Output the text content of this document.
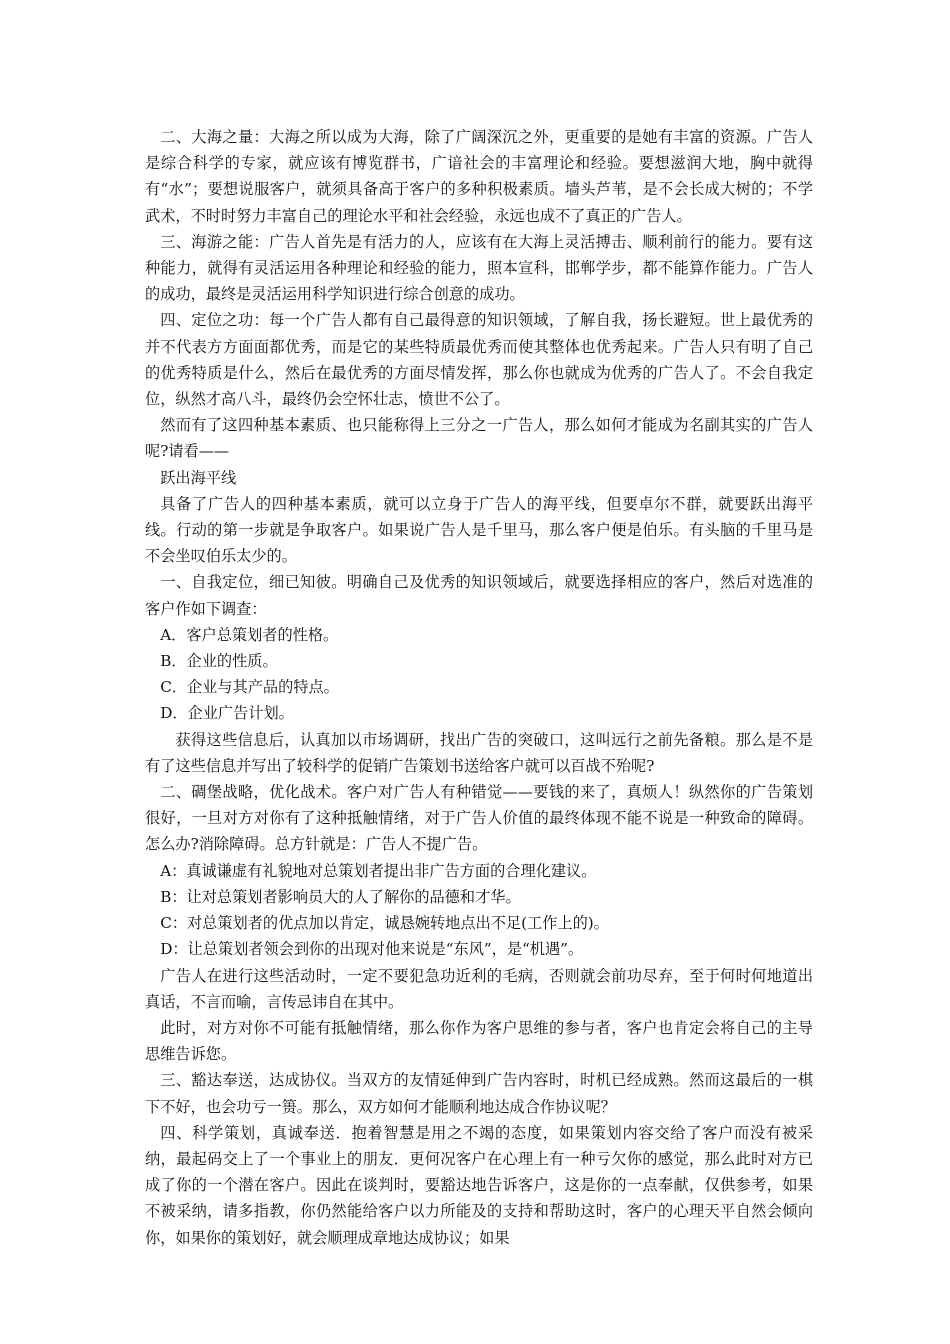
二、大海之量：大海之所以成为大海，除了广阔深沉之外，更重要的是她有丰富的资源。广告人是综合科学的专家，就应该有博览群书，广谙社会的丰富理论和经验。要想滋润大地，胸中就得有“水”；要想说服客户，就须具备高于客户的多种积极素质。墙头芦苇，是不会长成大树的；不学武术，不时时努力丰富自己的理论水平和社会经验，永远也成不了真正的广告人。

三、海游之能：广告人首先是有活力的人，应该有在大海上灵活搏击、顺利前行的能力。要有这种能力，就得有灵活运用各种理论和经验的能力，照本宣科，邯郸学步，都不能算作能力。广告人的成功，最终是灵活运用科学知识进行综合创意的成功。

四、定位之功：每一个广告人都有自己最得意的知识领域，了解自我，扬长避短。世上最优秀的并不代表方方面面都优秀，而是它的某些特质最优秀而使其整体也优秀起来。广告人只有明了自己的优秀特质是什么，然后在最优秀的方面尽情发挥，那么你也就成为优秀的广告人了。不会自我定位，纵然才高八斗，最终仍会空怀壮志，愤世不公了。

然而有了这四种基本素质、也只能称得上三分之一广告人，那么如何才能成为名副其实的广告人呢?请看——

跃出海平线

具备了广告人的四种基本素质，就可以立身于广告人的海平线，但要卓尔不群，就要跃出海平线。行动的第一步就是争取客户。如果说广告人是千里马，那么客户便是伯乐。有头脑的千里马是不会坐叹伯乐太少的。

一、自我定位，细已知彼。明确自己及优秀的知识领域后，就要选择相应的客户，然后对选准的客户作如下调查：

A．客户总策划者的性格。

B．企业的性质。

C．企业与其产品的特点。

D．企业广告计划。

获得这些信息后，认真加以市场调研，找出广告的突破口，这叫远行之前先备粮。那么是不是有了这些信息并写出了较科学的促销广告策划书送给客户就可以百战不殆呢?

二、碉堡战略，优化战术。客户对广告人有种错觉——要钱的来了，真烦人！纵然你的广告策划很好，一旦对方对你有了这种抵触情绪，对于广告人价值的最终体现不能不说是一种致命的障碍。怎么办?消除障碍。总方针就是：广告人不提广告。

A：真诚谦虚有礼貌地对总策划者提出非广告方面的合理化建议。

B：让对总策划者影响员大的人了解你的品德和才华。

C：对总策划者的优点加以肯定，诚恳婉转地点出不足(工作上的)。

D：让总策划者领会到你的出现对他来说是“东风”，是“机遇”。

广告人在进行这些活动时，一定不要犯急功近利的毛病，否则就会前功尽弃，至于何时何地道出真话，不言而喻，言传忌讳自在其中。

此时，对方对你不可能有抵触情绪，那么你作为客户思维的参与者，客户也肯定会将自己的主导思维告诉您。

三、豁达奉送，达成协仪。当双方的友情延伸到广告内容时，时机已经成熟。然而这最后的一棋下不好，也会功亏一篑。那么，双方如何才能顺利地达成合作协议呢？

四、科学策划，真诚奉送．抱着智慧是用之不竭的态度，如果策划内容交给了客户而没有被采纳，最起码交上了一个事业上的朋友．更何况客户在心理上有一种亏欠你的感觉，那么此时对方已成了你的一个潜在客户。因此在谈判时，要豁达地告诉客户，这是你的一点奉献，仅供参考，如果不被采纳，请多指教，你仍然能给客户以力所能及的支持和帮助这时，客户的心理天平自然会倾向你，如果你的策划好，就会顺理成章地达成协议；如果
